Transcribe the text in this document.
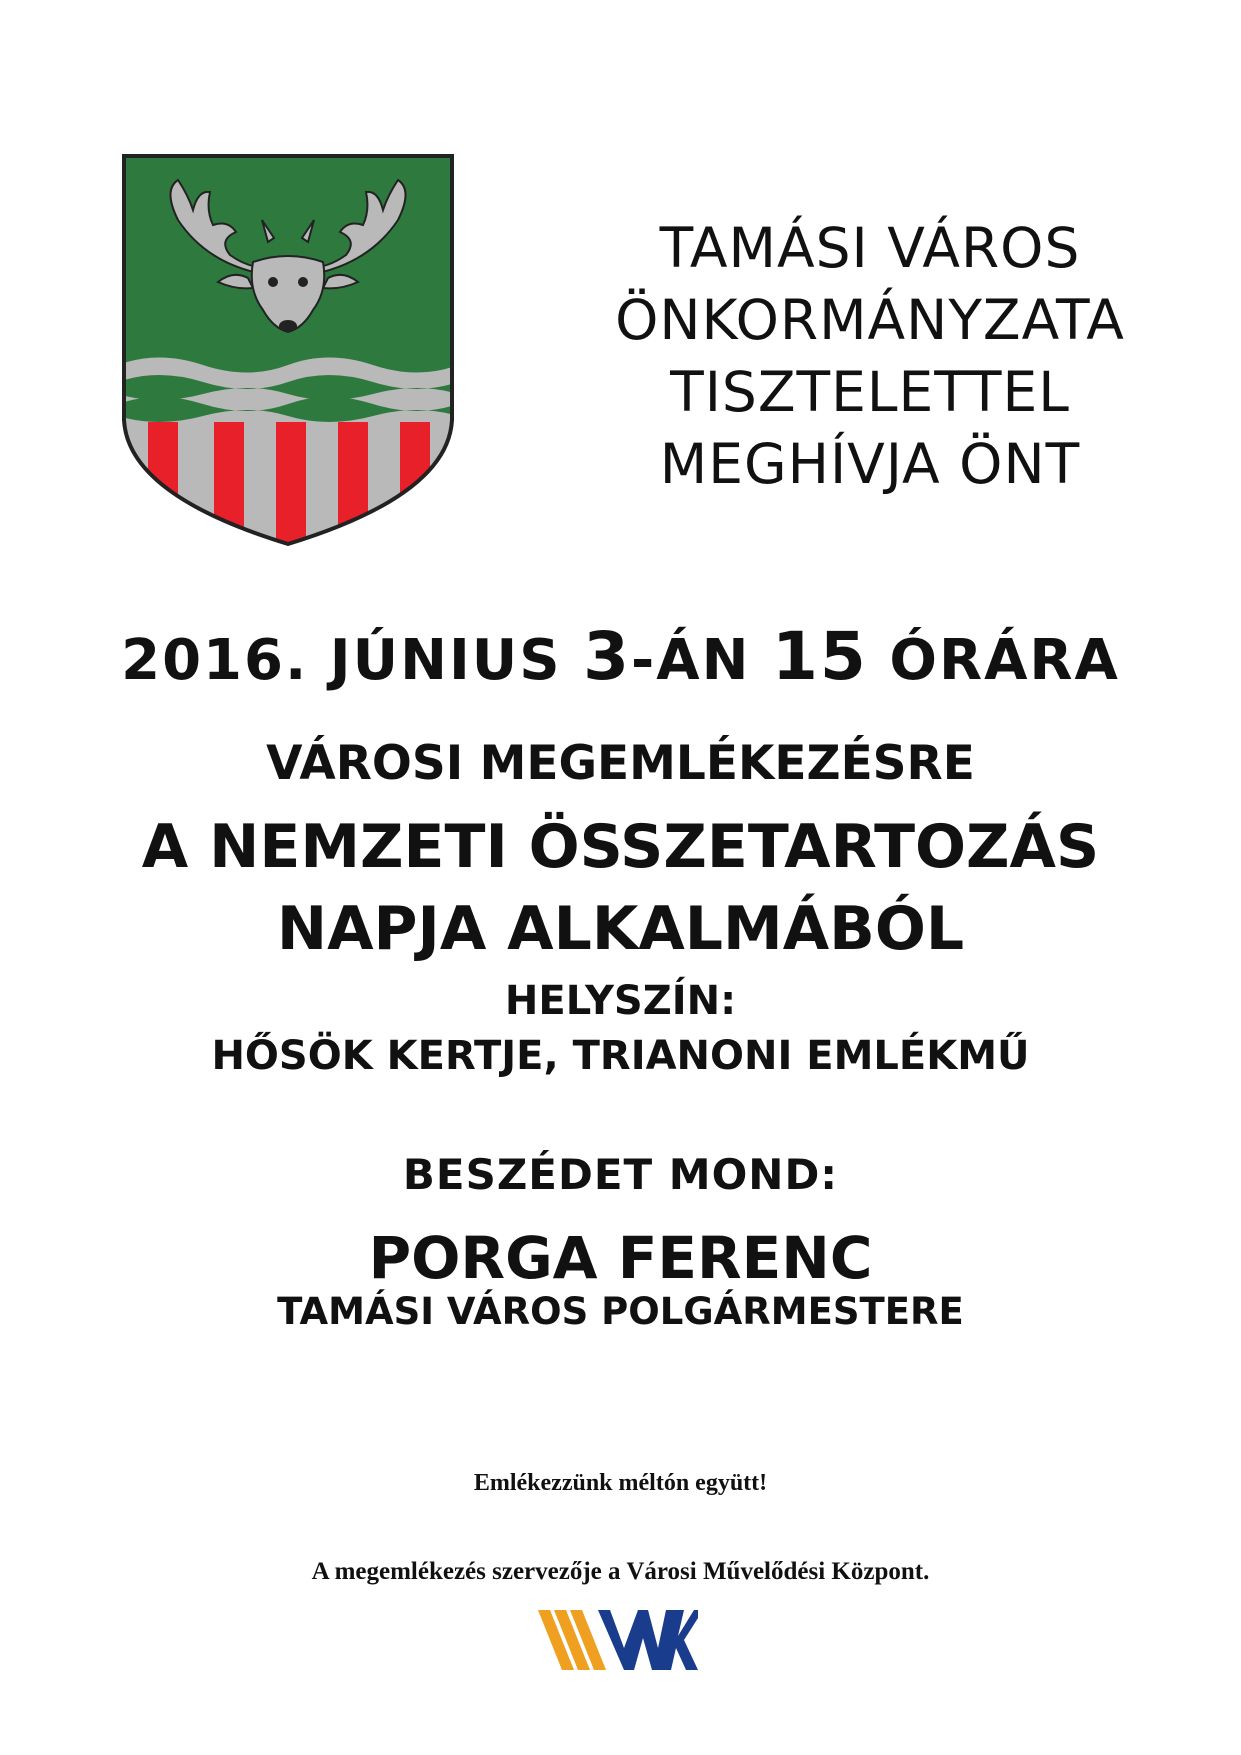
TAMÁSI VÁROS
ÖNKORMÁNYZATA
TISZTELETTEL
MEGHÍVJA ÖNT
2016. JÚNIUS 3-ÁN 15 ÓRÁRA
VÁROSI MEGEMLÉKEZÉSRE
A NEMZETI ÖSSZETARTOZÁS
NAPJA ALKALMÁBÓL
HELYSZÍN:
HŐSÖK KERTJE, TRIANONI EMLÉKMŰ
BESZÉDET MOND:
PORGA FERENC
TAMÁSI VÁROS POLGÁRMESTERE
Emlékezzünk méltón együtt!
A megemlékezés szervezője a Városi Művelődési Központ.
